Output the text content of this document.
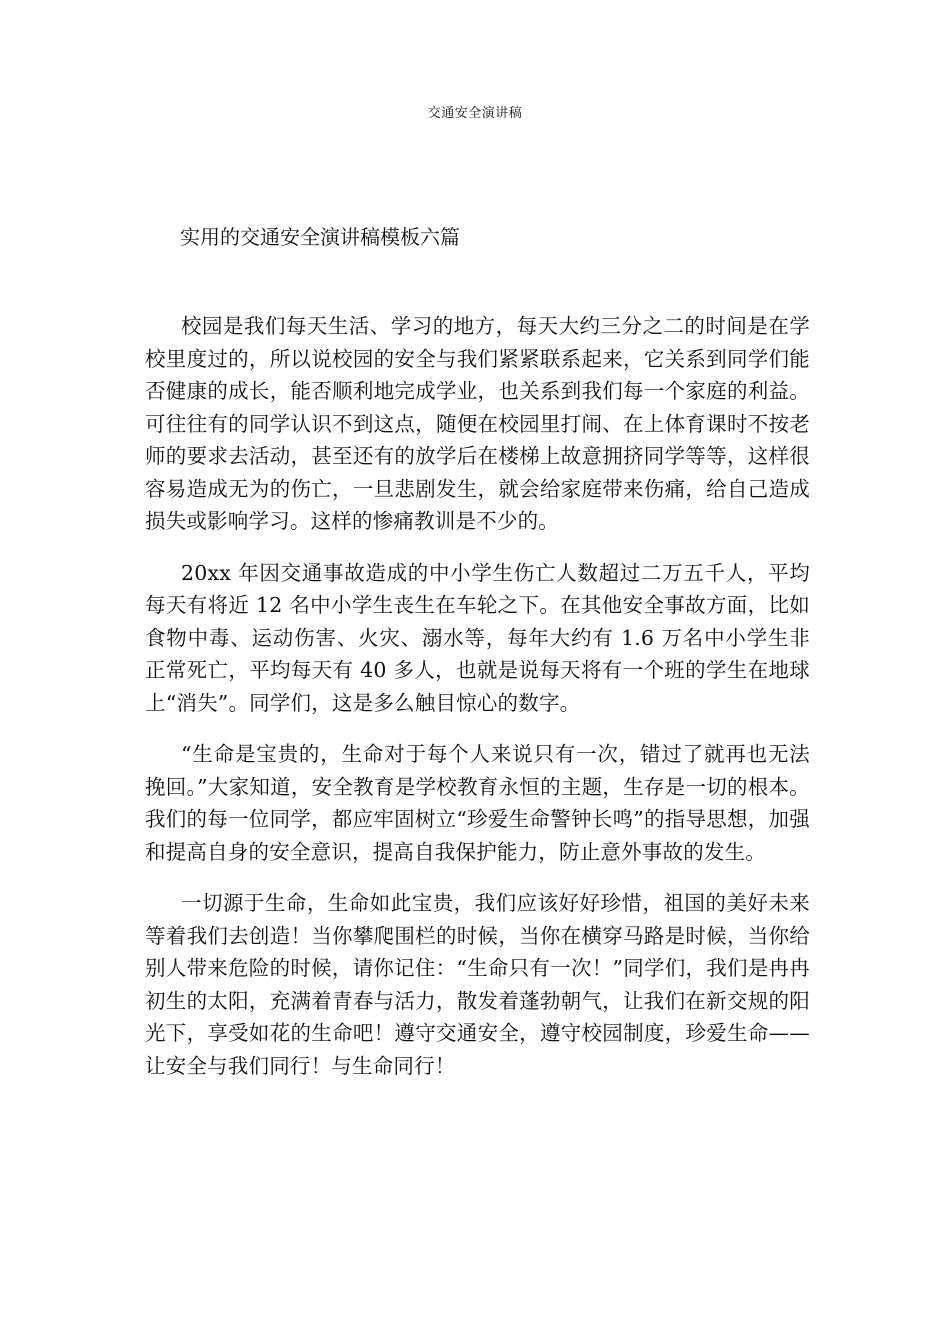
交通安全演讲稿
实用的交通安全演讲稿模板六篇

校园是我们每天生活、学习的地方，每天大约三分之二的时间是在学校里度过的，所以说校园的安全与我们紧紧联系起来，它关系到同学们能否健康的成长，能否顺利地完成学业，也关系到我们每一个家庭的利益。可往往有的同学认识不到这点，随便在校园里打闹、在上体育课时不按老师的要求去活动，甚至还有的放学后在楼梯上故意拥挤同学等等，这样很容易造成无为的伤亡，一旦悲剧发生，就会给家庭带来伤痛，给自己造成损失或影响学习。这样的惨痛教训是不少的。

20xx 年因交通事故造成的中小学生伤亡人数超过二万五千人，平均每天有将近 12 名中小学生丧生在车轮之下。在其他安全事故方面，比如食物中毒、运动伤害、火灾、溺水等，每年大约有 1.6 万名中小学生非正常死亡，平均每天有 40 多人，也就是说每天将有一个班的学生在地球上“消失”。同学们，这是多么触目惊心的数字。

“生命是宝贵的，生命对于每个人来说只有一次，错过了就再也无法挽回。”大家知道，安全教育是学校教育永恒的主题，生存是一切的根本。我们的每一位同学，都应牢固树立“珍爱生命警钟长鸣”的指导思想，加强和提高自身的安全意识，提高自我保护能力，防止意外事故的发生。

一切源于生命，生命如此宝贵，我们应该好好珍惜，祖国的美好未来等着我们去创造！当你攀爬围栏的时候，当你在横穿马路是时候，当你给别人带来危险的时候，请你记住：“生命只有一次！”同学们，我们是冉冉初生的太阳，充满着青春与活力，散发着蓬勃朝气，让我们在新交规的阳光下，享受如花的生命吧！遵守交通安全，遵守校园制度，珍爱生命——让安全与我们同行！与生命同行！
